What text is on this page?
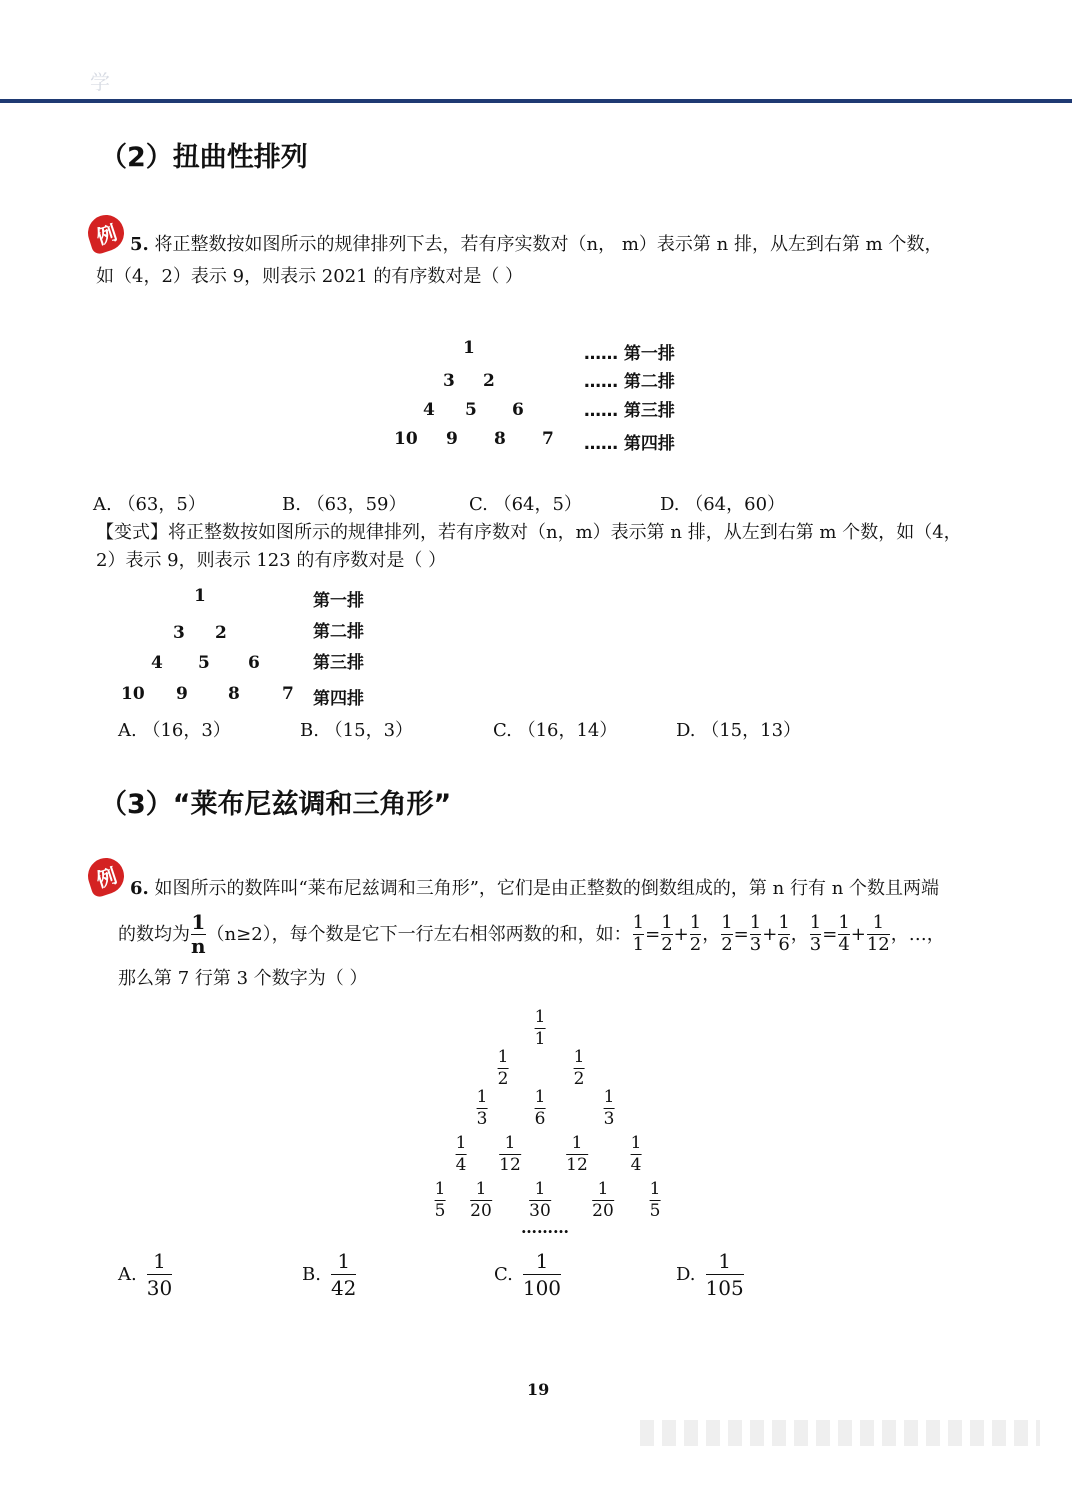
学
（2）扭曲性排列
例 5. 将正整数按如图所示的规律排列下去，若有序实数对（n， m）表示第 n 排，从左到右第 m 个数，
如（4，2）表示 9，则表示 2021 的有序数对是（ ）
1
3 2
4 5 6
10 9 8 7
…… 第一排
…… 第二排
…… 第三排
…… 第四排
A. （63，5）	B. （63，59）	C. （64，5）	D. （64，60）
【变式】将正整数按如图所示的规律排列，若有序数对（n，m）表示第 n 排，从左到右第 m 个数，如（4，
2）表示 9，则表示 123 的有序数对是（ ）
1
3 2
4 5 6
10 9 8 7
第一排
第二排
第三排
第四排
A. （16，3）	B. （15，3）	C. （16，14）	D. （15，13）
（3）“莱布尼兹调和三角形”
例 6. 如图所示的数阵叫“莱布尼兹调和三角形”，它们是由正整数的倒数组成的，第 n 行有 n 个数且两端
的数均为
1
n （n≥2），每个数是它下一行左右相邻两数的和，如：
1
1 =
1
2 +
1
2 ，
1
2 =
1
3 +
1
6 ，
1
3 =
1
4 +
1
12 ，…，
那么第 7 行第 3 个数字为（ ）
1
1
1
2
1
2
1
3
1
6
1
3
1
4
1
12
1
12
1
4
1
5
1
20
1
30
1
20
1
5
………
A. $\frac{1}{30}$	B. $\frac{1}{42}$	C. $\frac{1}{100}$	D. $\frac{1}{105}$
19
